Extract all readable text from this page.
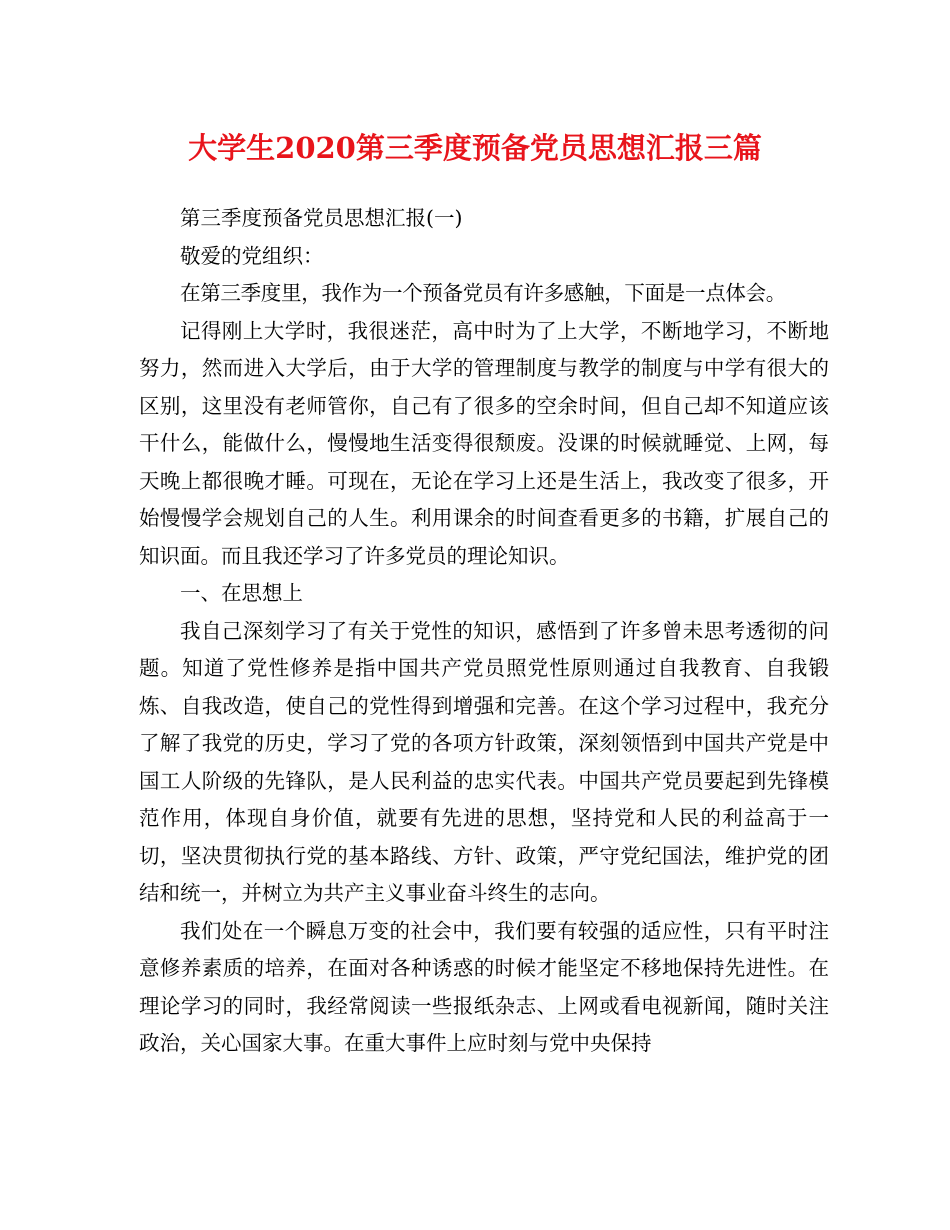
大学生2020第三季度预备党员思想汇报三篇

第三季度预备党员思想汇报(一)

敬爱的党组织：

在第三季度里，我作为一个预备党员有许多感触，下面是一点体会。

记得刚上大学时，我很迷茫，高中时为了上大学，不断地学习，不断地努力，然而进入大学后，由于大学的管理制度与教学的制度与中学有很大的区别，这里没有老师管你，自己有了很多的空余时间，但自己却不知道应该干什么，能做什么，慢慢地生活变得很颓废。没课的时候就睡觉、上网，每天晚上都很晚才睡。可现在，无论在学习上还是生活上，我改变了很多，开始慢慢学会规划自己的人生。利用课余的时间查看更多的书籍，扩展自己的知识面。而且我还学习了许多党员的理论知识。

一、在思想上

我自己深刻学习了有关于党性的知识，感悟到了许多曾未思考透彻的问题。知道了党性修养是指中国共产党员照党性原则通过自我教育、自我锻炼、自我改造，使自己的党性得到增强和完善。在这个学习过程中，我充分了解了我党的历史，学习了党的各项方针政策，深刻领悟到中国共产党是中国工人阶级的先锋队，是人民利益的忠实代表。中国共产党员要起到先锋模范作用，体现自身价值，就要有先进的思想，坚持党和人民的利益高于一切，坚决贯彻执行党的基本路线、方针、政策，严守党纪国法，维护党的团结和统一，并树立为共产主义事业奋斗终生的志向。

我们处在一个瞬息万变的社会中，我们要有较强的适应性，只有平时注意修养素质的培养，在面对各种诱惑的时候才能坚定不移地保持先进性。在理论学习的同时，我经常阅读一些报纸杂志、上网或看电视新闻，随时关注政治，关心国家大事。在重大事件上应时刻与党中央保持
